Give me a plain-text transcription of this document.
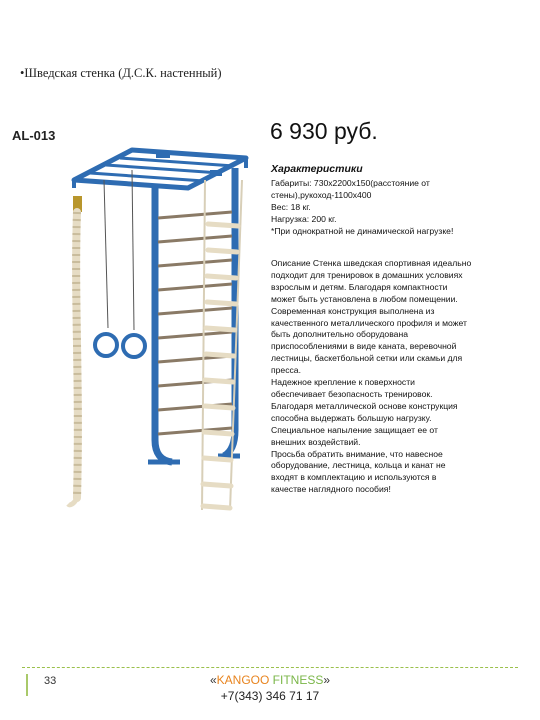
•Шведская стенка (Д.С.К. настенный)
AL-013	6 930 руб.
Характеристики
Габариты: 730х2200х150(расстояние от
стены),рукоход-1100х400
Вес: 18 кг.
Нагрузка: 200 кг.
*При однократной не динамической нагрузке!
Описание Стенка шведская спортивная идеально
подходит для тренировок в домашних условиях
взрослым и детям. Благодаря компактности
может быть установлена в любом помещении.
Современная конструкция выполнена из
качественного металлического профиля и может
быть дополнительно оборудована
приспособлениями в виде каната, веревочной
лестницы, баскетбольной сетки или скамьи для
пресса.
Надежное крепление к поверхности
обеспечивает безопасность тренировок.
Благодаря металлической основе конструкция
способна выдержать большую нагрузку.
Специальное напыление защищает ее от
внешних воздействий.
Просьба обратить внимание, что навесное
оборудование, лестница, кольца и канат не
входят в комплектацию и используются в
качестве наглядного пособия!
33	«KANGOO FITNESS»
+7(343) 346 71 17
